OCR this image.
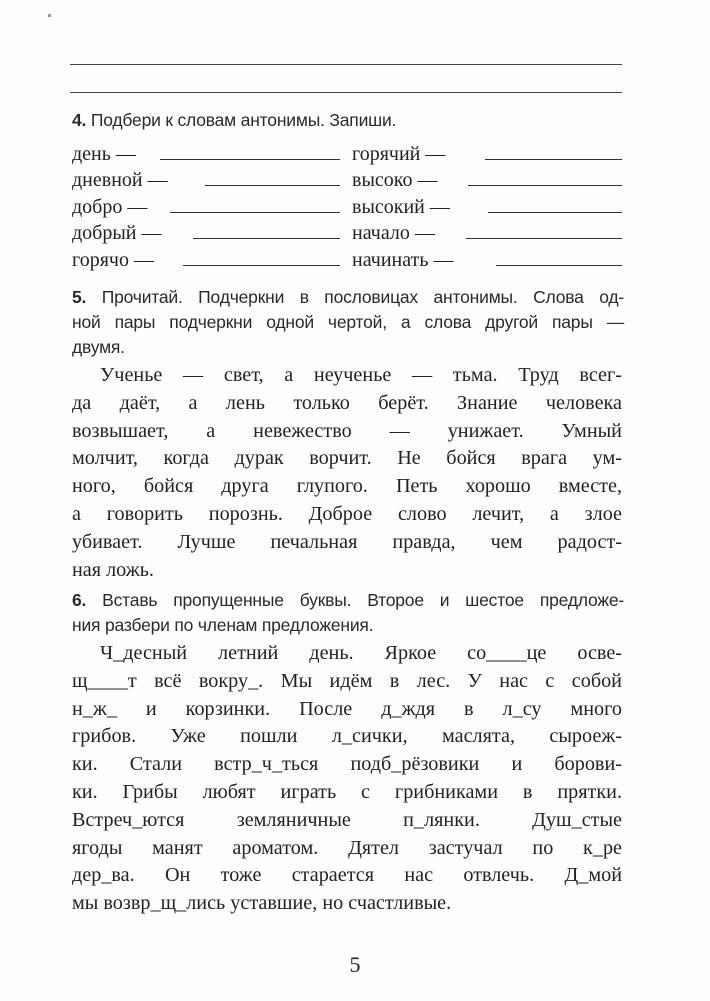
4. Подбери к словам антонимы. Запиши.
день —
дневной —
добро —
добрый —
горячо —
горячий —
высоко —
высокий —
начало —
начинать —
5. Прочитай. Подчеркни в пословицах антонимы. Слова од-
ной пары подчеркни одной чертой, а слова другой пары —
двумя.
Ученье — свет, а неученье — тьма. Труд всег-
да даёт, а лень только берёт. Знание человека
возвышает, а невежество — унижает. Умный
молчит, когда дурак ворчит. Не бойся врага ум-
ного, бойся друга глупого. Петь хорошо вместе,
а говорить порознь. Доброе слово лечит, а злое
убивает. Лучше печальная правда, чем радост-
ная ложь.
6. Вставь пропущенные буквы. Второе и шестое предложе-
ния разбери по членам предложения.
Ч_десный летний день. Яркое со____це осве-
щ____т всё вокру_. Мы идём в лес. У нас с собой
н_ж_ и корзинки. После д_ждя в л_су много
грибов. Уже пошли л_сички, маслята, сыроеж-
ки. Стали встр_ч_ться подб_рёзовики и борови-
ки. Грибы любят играть с грибниками в прятки.
Встреч_ются земляничные п_лянки. Душ_стые
ягоды манят ароматом. Дятел застучал по к_ре
дер_ва. Он тоже старается нас отвлечь. Д_мой
мы возвр_щ_лись уставшие, но счастливые.
5
